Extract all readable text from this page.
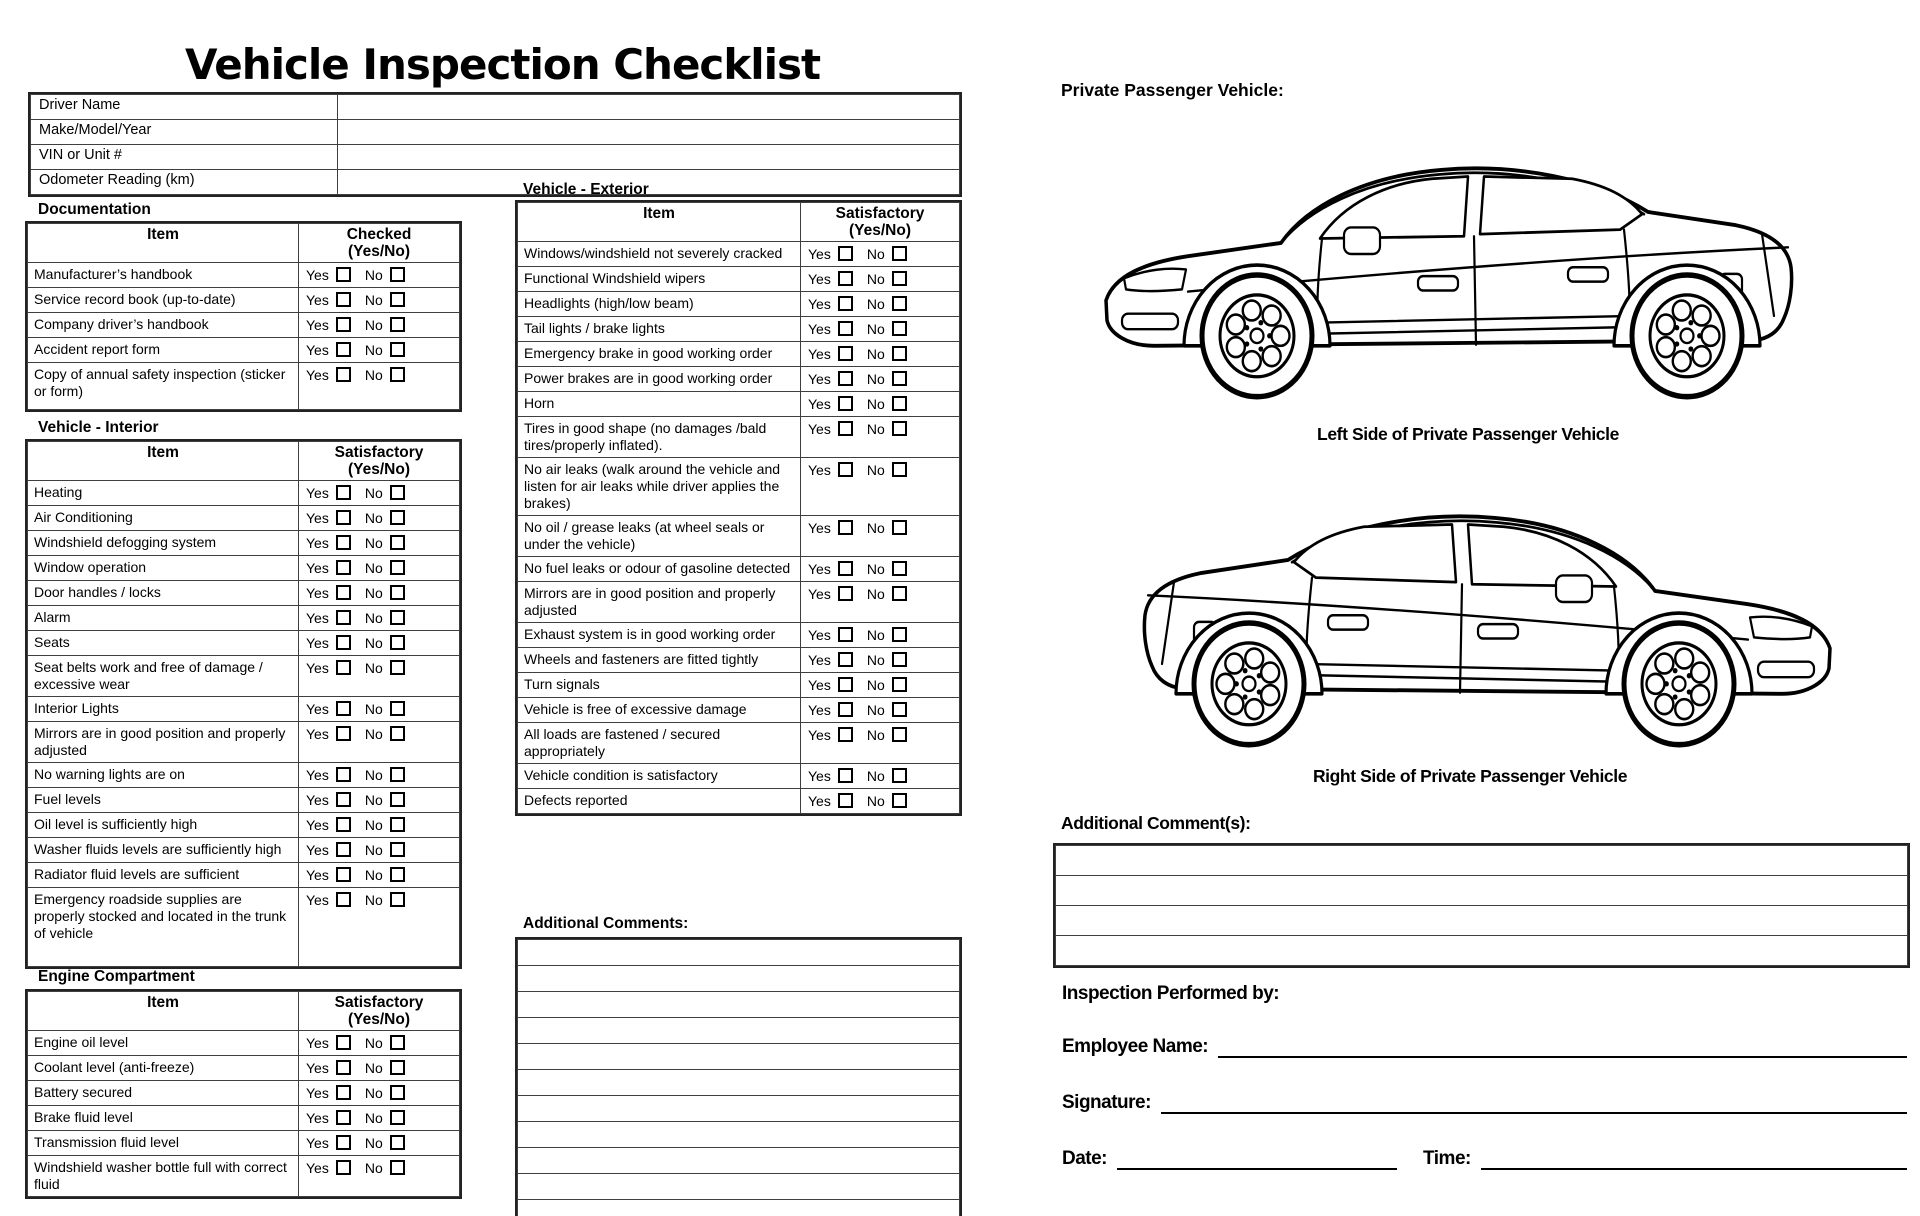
Vehicle Inspection Checklist
Driver Name	
Make/Model/Year	
VIN or Unit #	
Odometer Reading (km)	
Documentation
Item	Checked
(Yes/No)

Manufacturer’s handbook	Yes No
Service record book (up-to-date)	Yes No
Company driver’s handbook	Yes No
Accident report form	Yes No
Copy of annual safety inspection (sticker or form)	Yes No
Vehicle - Interior
Item	Satisfactory
(Yes/No)

Heating	Yes No
Air Conditioning	Yes No
Windshield defogging system	Yes No
Window operation	Yes No
Door handles / locks	Yes No
Alarm	Yes No
Seats	Yes No
Seat belts work and free of damage / excessive wear	Yes No
Interior Lights	Yes No
Mirrors are in good position and properly adjusted	Yes No
No warning lights are on	Yes No
Fuel levels	Yes No
Oil level is sufficiently high	Yes No
Washer fluids levels are sufficiently high	Yes No
Radiator fluid levels are sufficient	Yes No
Emergency roadside supplies are properly stocked and located in the trunk of vehicle	Yes No
Engine Compartment
Item	Satisfactory
(Yes/No)

Engine oil level	Yes No
Coolant level (anti-freeze)	Yes No
Battery secured	Yes No
Brake fluid level	Yes No
Transmission fluid level	Yes No
Windshield washer bottle full with correct fluid	Yes No
Vehicle - Exterior
Item	Satisfactory
(Yes/No)

Windows/windshield not severely cracked	Yes No
Functional Windshield wipers	Yes No
Headlights (high/low beam)	Yes No
Tail lights / brake lights	Yes No
Emergency brake in good working order	Yes No
Power brakes are in good working order	Yes No
Horn	Yes No
Tires in good shape (no damages /bald tires/properly inflated).	Yes No
No air leaks (walk around the vehicle and listen for air leaks while driver applies the brakes)	Yes No
No oil / grease leaks (at wheel seals or under the vehicle)	Yes No
No fuel leaks or odour of gasoline detected	Yes No
Mirrors are in good position and properly adjusted	Yes No
Exhaust system is in good working order	Yes No
Wheels and fasteners are fitted tightly	Yes No
Turn signals	Yes No
Vehicle is free of excessive damage	Yes No
All loads are fastened / secured appropriately	Yes No
Vehicle condition is satisfactory	Yes No
Defects reported	Yes No
Additional Comments:

Private Passenger Vehicle:
Left Side of Private Passenger Vehicle
Right Side of Private Passenger Vehicle
Additional Comment(s):

Inspection Performed by:
Employee Name:
Signature:
Date:	Time:
